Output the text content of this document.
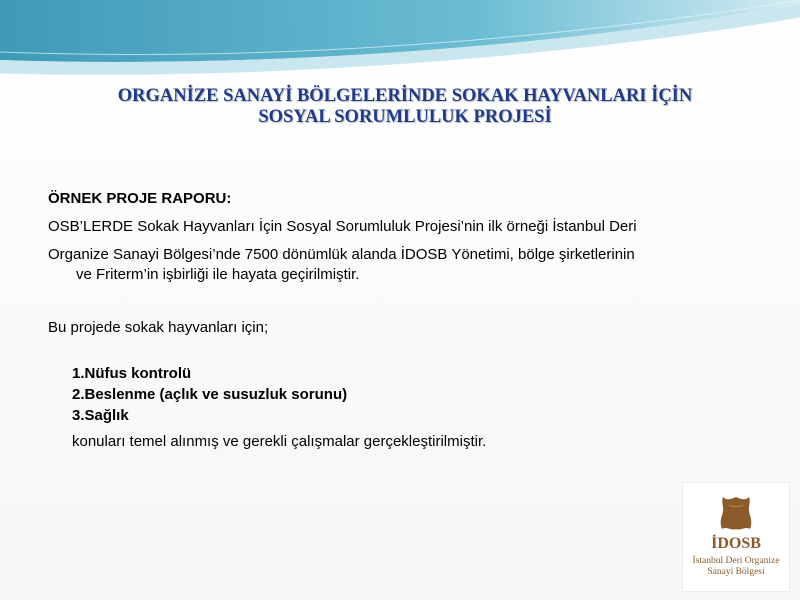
ORGANİZE SANAYİ BÖLGELERİNDE SOKAK HAYVANLARI İÇİN
SOSYAL SORUMLULUK PROJESİ
ÖRNEK PROJE RAPORU:
OSB’LERDE Sokak Hayvanları İçin Sosyal Sorumluluk Projesi’nin ilk örneği İstanbul Deri
Organize Sanayi Bölgesi’nde 7500 dönümlük alanda İDOSB Yönetimi, bölge şirketlerinin
ve Friterm’in işbirliği ile hayata geçirilmiştir.
Bu projede sokak hayvanları için;
1.Nüfus kontrolü
2.Beslenme (açlık ve susuzluk sorunu)
3.Sağlık
konuları temel alınmış ve gerekli çalışmalar gerçekleştirilmiştir.
İDOSB
İstanbul Deri Organize
Sanayi Bölgesi
